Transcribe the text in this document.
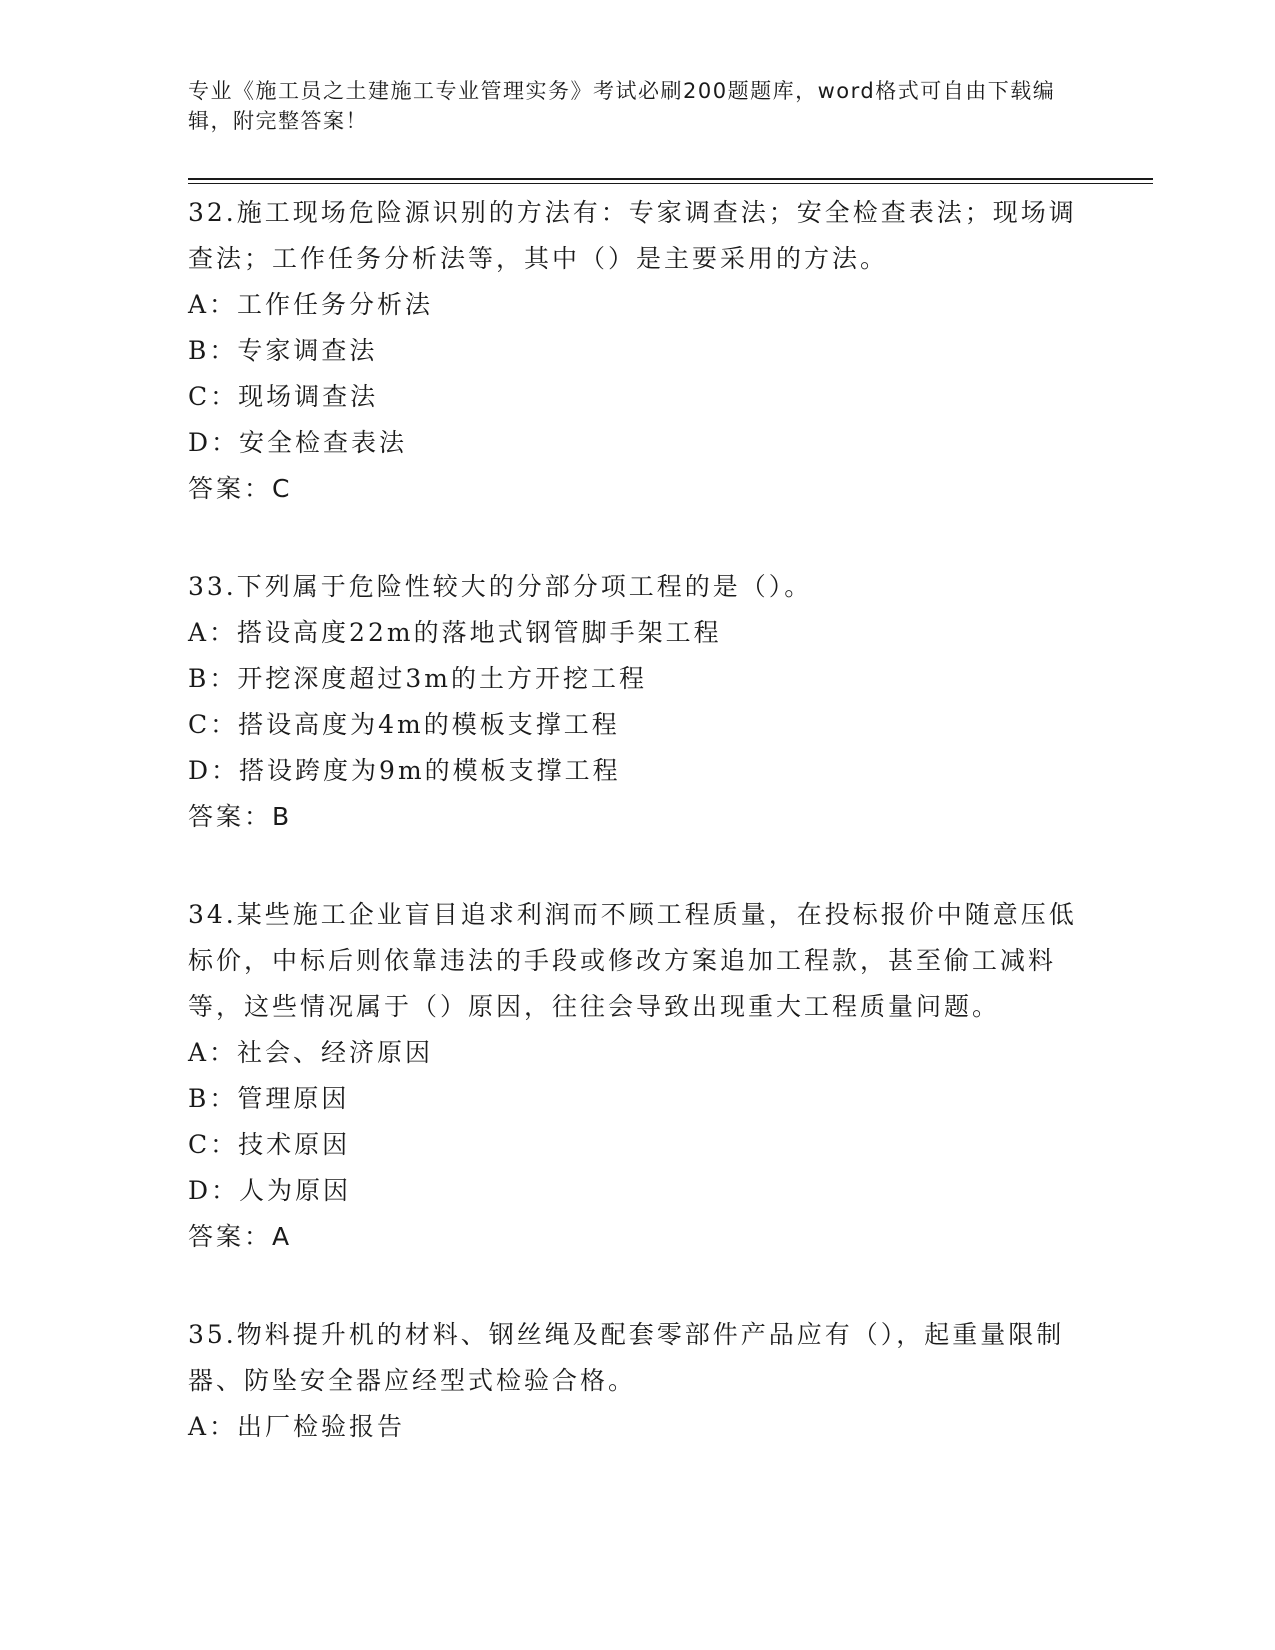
专业《施工员之土建施工专业管理实务》考试必刷200题题库，word格式可自由下载编辑，附完整答案！

32.施工现场危险源识别的方法有：专家调查法；安全检查表法；现场调查法；工作任务分析法等，其中（）是主要采用的方法。

A：工作任务分析法

B：专家调查法

C：现场调查法

D：安全检查表法

答案：C

33.下列属于危险性较大的分部分项工程的是（）。

A：搭设高度22m的落地式钢管脚手架工程

B：开挖深度超过3m的土方开挖工程

C：搭设高度为4m的模板支撑工程

D：搭设跨度为9m的模板支撑工程

答案：B

34.某些施工企业盲目追求利润而不顾工程质量，在投标报价中随意压低标价，中标后则依靠违法的手段或修改方案追加工程款，甚至偷工减料等，这些情况属于（）原因，往往会导致出现重大工程质量问题。

A：社会、经济原因

B：管理原因

C：技术原因

D：人为原因

答案：A

35.物料提升机的材料、钢丝绳及配套零部件产品应有（），起重量限制器、防坠安全器应经型式检验合格。

A：出厂检验报告
